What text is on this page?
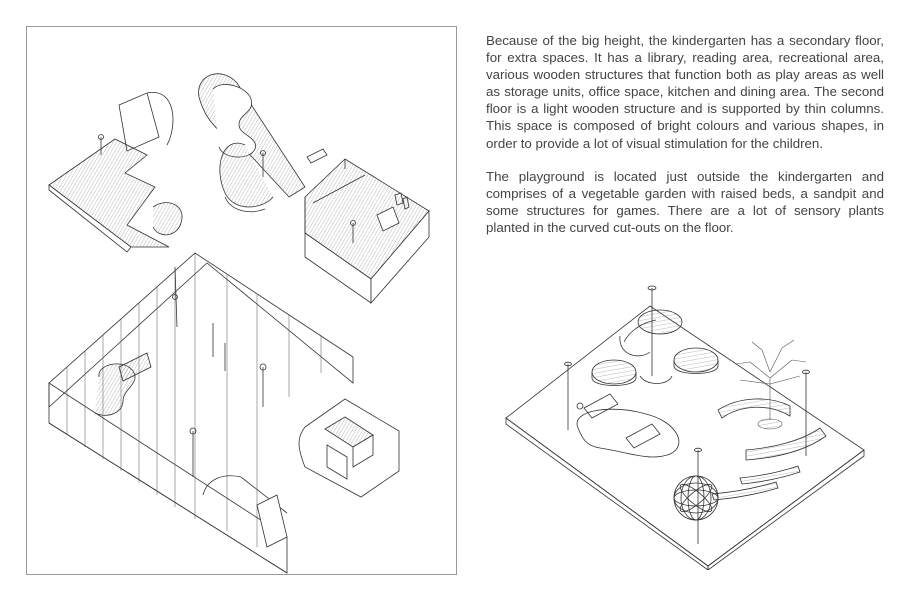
Because of the big height, the kindergarten has a secondary floor, for extra spaces. It has a library, reading area, recreational area, various wooden structures that function both as play areas as well as storage units, office space, kitchen and dining area. The second floor is a light wooden structure and is supported by thin columns. This space is composed of bright colours and various shapes, in order to provide a lot of visual stimulation for the children.

The playground is located just outside the kindergarten and comprises of a vegetable garden with raised beds, a sandpit and some structures for games. There are a lot of sensory plants planted in the curved cut-outs on the floor.
